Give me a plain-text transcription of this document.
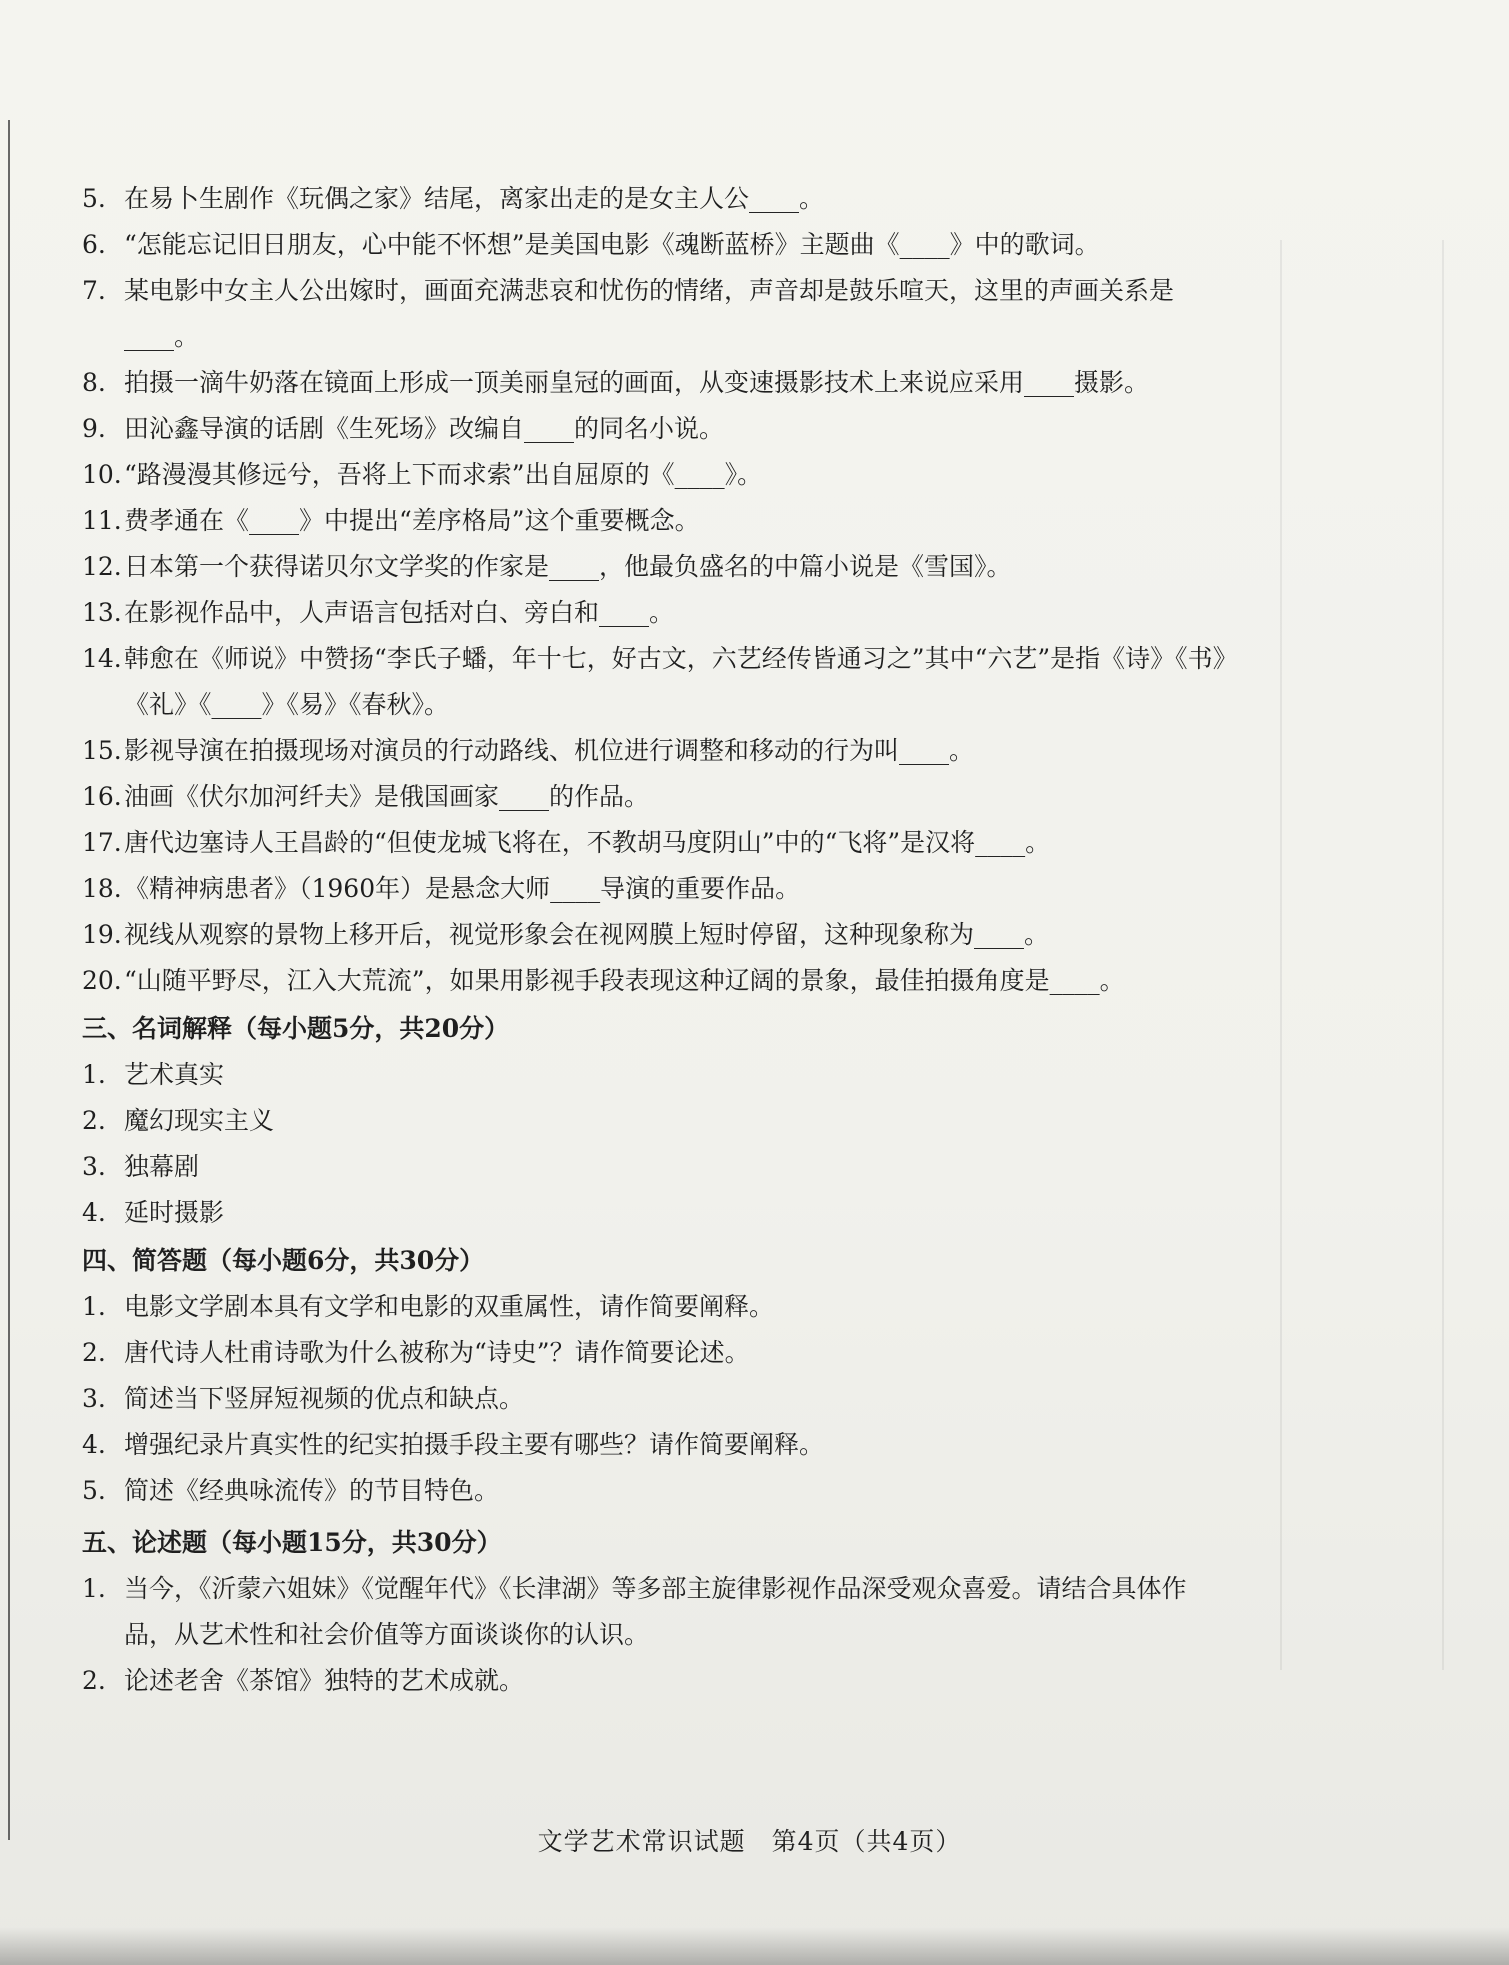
5. 在易卜生剧作《玩偶之家》结尾，离家出走的是女主人公____。
6. “怎能忘记旧日朋友，心中能不怀想”是美国电影《魂断蓝桥》主题曲《____》中的歌词。
7. 某电影中女主人公出嫁时，画面充满悲哀和忧伤的情绪，声音却是鼓乐喧天，这里的声画关系是____。
8. 拍摄一滴牛奶落在镜面上形成一顶美丽皇冠的画面，从变速摄影技术上来说应采用____摄影。
9. 田沁鑫导演的话剧《生死场》改编自____的同名小说。
10. “路漫漫其修远兮，吾将上下而求索”出自屈原的《____》。
11. 费孝通在《____》中提出“差序格局”这个重要概念。
12. 日本第一个获得诺贝尔文学奖的作家是____，他最负盛名的中篇小说是《雪国》。
13. 在影视作品中，人声语言包括对白、旁白和____。
14. 韩愈在《师说》中赞扬“李氏子蟠，年十七，好古文，六艺经传皆通习之”其中“六艺”是指《诗》《书》《礼》《____》《易》《春秋》。
15. 影视导演在拍摄现场对演员的行动路线、机位进行调整和移动的行为叫____。
16. 油画《伏尔加河纤夫》是俄国画家____的作品。
17. 唐代边塞诗人王昌龄的“但使龙城飞将在，不教胡马度阴山”中的“飞将”是汉将____。
18. 《精神病患者》（1960年）是悬念大师____导演的重要作品。
19. 视线从观察的景物上移开后，视觉形象会在视网膜上短时停留，这种现象称为____。
20. “山随平野尽，江入大荒流”，如果用影视手段表现这种辽阔的景象，最佳拍摄角度是____。
三、名词解释（每小题5分，共20分）
1. 艺术真实
2. 魔幻现实主义
3. 独幕剧
4. 延时摄影
四、简答题（每小题6分，共30分）
1. 电影文学剧本具有文学和电影的双重属性，请作简要阐释。
2. 唐代诗人杜甫诗歌为什么被称为“诗史”？请作简要论述。
3. 简述当下竖屏短视频的优点和缺点。
4. 增强纪录片真实性的纪实拍摄手段主要有哪些？请作简要阐释。
5. 简述《经典咏流传》的节目特色。
五、论述题（每小题15分，共30分）
1. 当今，《沂蒙六姐妹》《觉醒年代》《长津湖》等多部主旋律影视作品深受观众喜爱。请结合具体作品，从艺术性和社会价值等方面谈谈你的认识。
2. 论述老舍《茶馆》独特的艺术成就。
文学艺术常识试题　第4页（共4页）
